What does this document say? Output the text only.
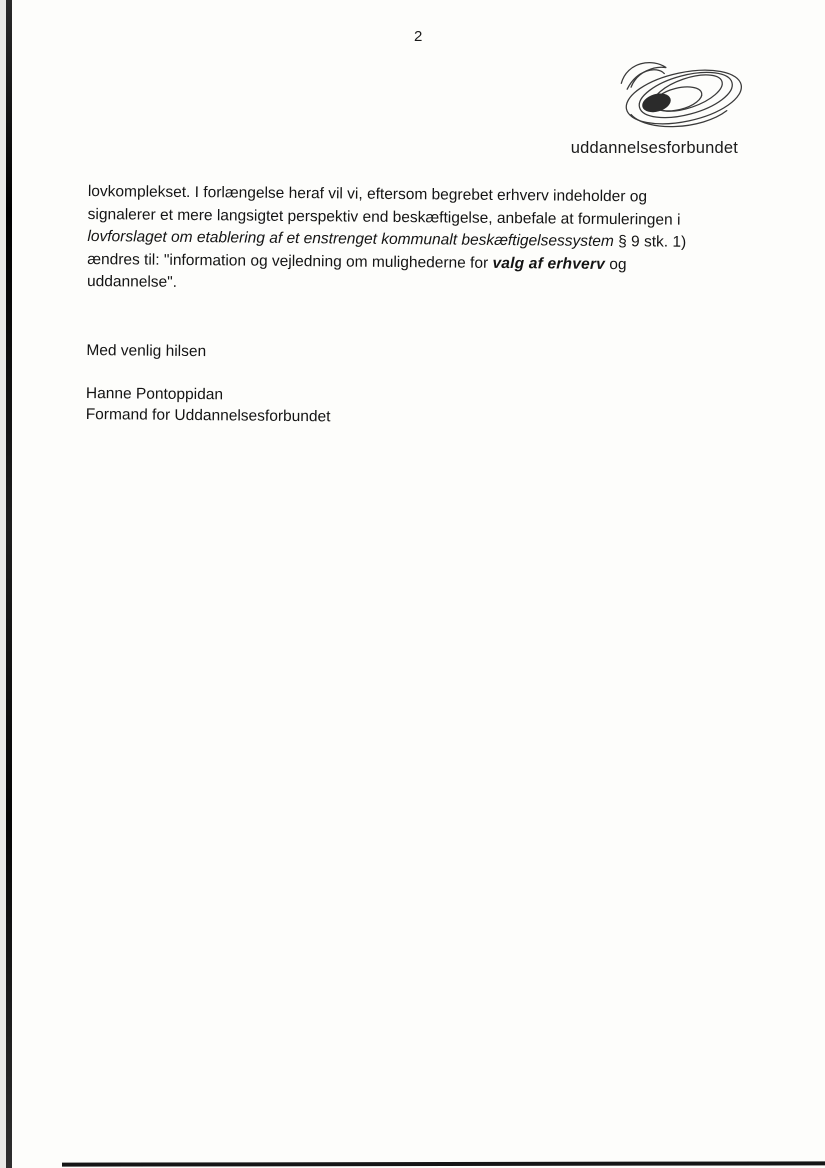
2
uddannelsesforbundet
lovkomplekset. I forlængelse heraf vil vi, eftersom begrebet erhverv indeholder og
signalerer et mere langsigtet perspektiv end beskæftigelse, anbefale at formuleringen i
lovforslaget om etablering af et enstrenget kommunalt beskæftigelsessystem § 9 stk. 1)
ændres til: "information og vejledning om mulighederne for valg af erhverv og
uddannelse".
Med venlig hilsen
Hanne Pontoppidan
Formand for Uddannelsesforbundet
